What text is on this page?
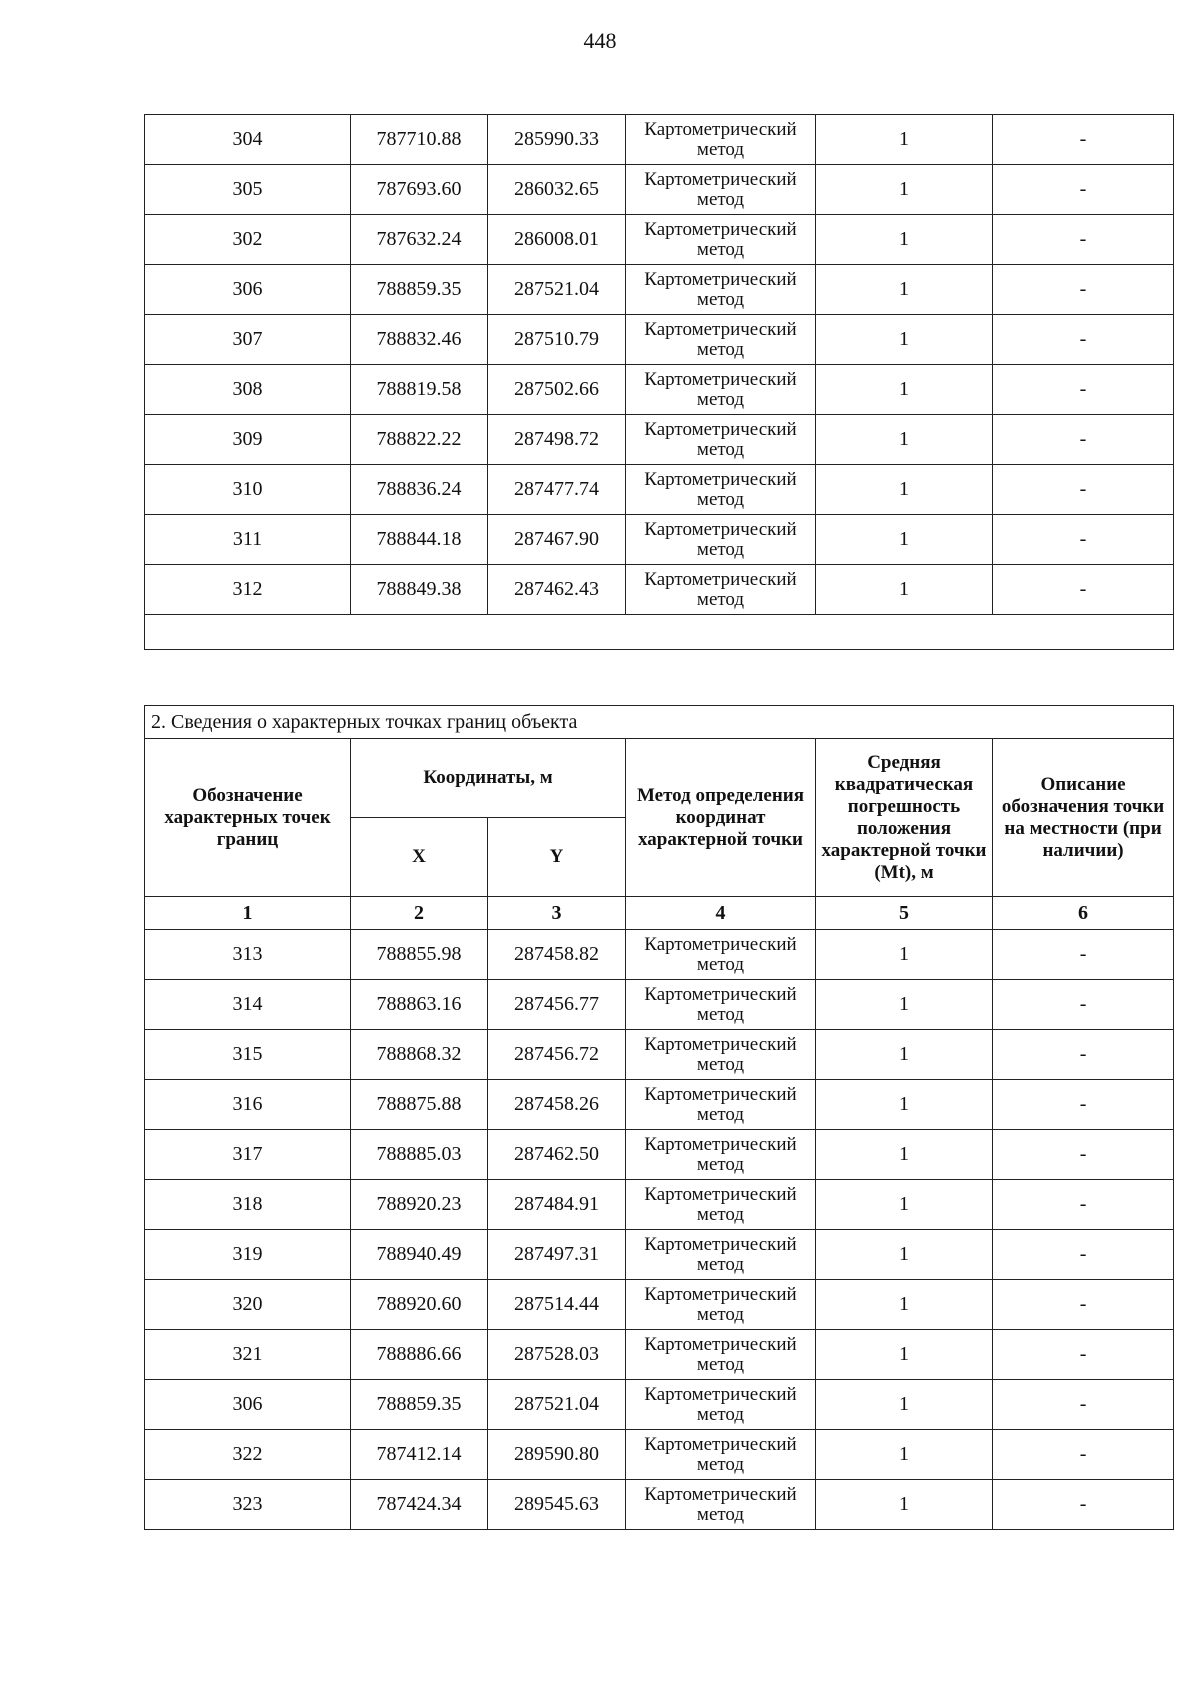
448
304	787710.88	285990.33	Картометрический метод	1	-
305	787693.60	286032.65	Картометрический метод	1	-
302	787632.24	286008.01	Картометрический метод	1	-
306	788859.35	287521.04	Картометрический метод	1	-
307	788832.46	287510.79	Картометрический метод	1	-
308	788819.58	287502.66	Картометрический метод	1	-
309	788822.22	287498.72	Картометрический метод	1	-
310	788836.24	287477.74	Картометрический метод	1	-
311	788844.18	287467.90	Картометрический метод	1	-
312	788849.38	287462.43	Картометрический метод	1	-

2. Сведения о характерных точках границ объекта					
Обозначение характерных точек границ	Координаты, м		Метод определения координат характерной точки	Средняя квадратическая погрешность положения характерной точки (Mt), м	Описание обозначения точки на местности (при наличии)
	X	Y			
1	2	3	4	5	6
313	788855.98	287458.82	Картометрический метод	1	-
314	788863.16	287456.77	Картометрический метод	1	-
315	788868.32	287456.72	Картометрический метод	1	-
316	788875.88	287458.26	Картометрический метод	1	-
317	788885.03	287462.50	Картометрический метод	1	-
318	788920.23	287484.91	Картометрический метод	1	-
319	788940.49	287497.31	Картометрический метод	1	-
320	788920.60	287514.44	Картометрический метод	1	-
321	788886.66	287528.03	Картометрический метод	1	-
306	788859.35	287521.04	Картометрический метод	1	-
322	787412.14	289590.80	Картометрический метод	1	-
323	787424.34	289545.63	Картометрический метод	1	-
